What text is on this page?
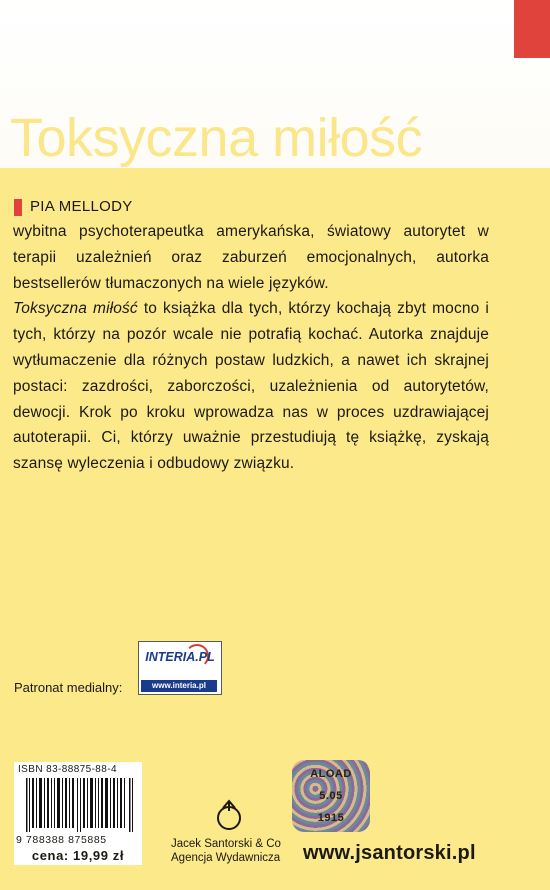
Toksyczna miłość
PIA MELLODY

wybitna psychoterapeutka amerykańska, światowy autorytet w terapii uzależnień oraz zaburzeń emocjonalnych, autorka bestsellerów tłumaczonych na wiele języków.

Toksyczna miłość to książka dla tych, którzy kochają zbyt mocno i tych, którzy na pozór wcale nie potrafią kochać. Autorka znajduje wytłumaczenie dla różnych postaw ludzkich, a nawet ich skrajnej postaci: zazdrości, zaborczości, uzależnienia od autorytetów, dewocji. Krok po kroku wprowadza nas w proces uzdrawiającej autoterapii. Ci, którzy uważnie przestudiują tę książkę, zyskają szansę wyleczenia i odbudowy związku.

Patronat medialny:
INTERIA.PL
www.interia.pl
ISBN 83-88875-88-4
9 788388 875885
cena: 19,99 zł
Jacek Santorski & Co
Agencja Wydawnicza www.jsantorski.pl
ALOAD
5.05
1915
